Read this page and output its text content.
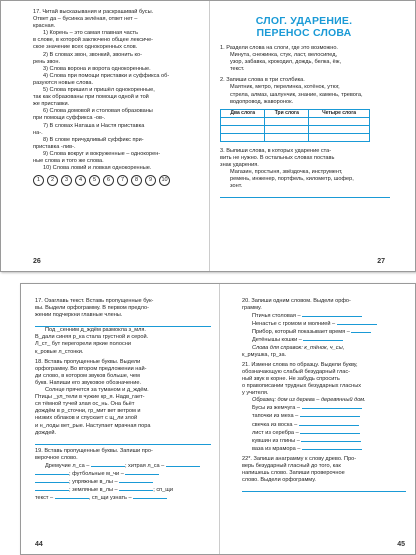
17. Читай высказывания и раскрашивай бусы.

Ответ да – бусинка зелёная, ответ нет –

красная.

1) Корень – это самая главная часть

в слове, в которой заключено общее лексиче-

ское значение всех однокоренных слов.

2) В словах звон, звонкий, звонить ко-

рень звон.

3) Слова ворона и ворота однокоренные.

4) Слова при помощи приставки и суффикса об-

разуются новые слова.

5) Слова пришил и пришёл однокоренные,

так как образованы при помощи одной и той

же приставки.

6) Слова домовой и столовая образованы

при помощи суффикса -ов-.

7) В словах Наташа и Настя приставка

на-.

8) В слове причудливый суффикс при-

приставка -лив-.

9) Слова вокруг и вокруженные – однокорен-

ные слова и того же слова.

10) Слова ловий и ловкая однокоренные.

1	2	3	4	5	6	7	8	9	10
26
СЛОГ. УДАРЕНИЕ.
ПЕРЕНОС СЛОВА

1. Раздели слова на слоги, где это возможно.

Минута, снежинка, стук, ласт, велосипед,

узор, забавка, крокодил, дождь, белка, ёж,

текст.

2. Запиши слова в три столбика.

Маятник, метро, перелинка, котёнок, утюг,

стрела, алмаз, шалунчик, знание, камень, тревога,

водопровод, жаворонок.

Два слога	Три слога	Четыре слога

3. Выпиши слова, в которых ударение ста-

вить не нужно. В остальных словах поставь

знак ударения.

Магазин, простыня, звёздочка, инструмент,

ремень, инженер, портфель, километр, шофер,

зонт.

27

17. Озаглавь текст. Вставь пропущенные бук-

вы. Выдели орфограмму. В первом предло-

жении подчеркни главные члены.

Под _сенним д_ждём размокла з_мля.

В_дали синяя р_ка стала грустной и серой.

Л_ст_ бут перегорели яркие полосни

к_ровые л_стонки.

18. Вставь пропущенные буквы. Выдели

орфограмму. Во втором предложении най-

ди слово, в котором звуков больше, чем

букв. Напиши его звуковое обозначение.

Солнце прячется за туманом и д_ждём.

Птицы _ул_тели в чужие кр_я. Надв_гает-

ся тёмной тучей злая ос_нь. Она бьёт

дождём в р_сточни, гр_мит вет ветром и

низких облаков и спускает с щ_ли злой

и н_лоды вет_рые. Наступает мрачная пора

дождей.

19. Вставь пропущенные буквы. Запиши про-

верочное слово.

Дремучие л_са –	; хитрая л_са –

; футбольные м_чи –

; упряжные в_лы –

; земляные в_лы –	; сп_щи

текст –	, сп_щи узнать –

44

20. Запиши одним словом. Выдели орфо-

грамму.

Птичья столовая –

Ненастье с громом и молнией –

Прибор, который показывает время –

Детёнышы кошки –

Слова для справок: к_тёнок, ч_сы,

к_рмушка, гр_за.

21. Измени слова по образцу. Выдели букву,

обозначающую слабый безударный глас-

ный звук в корне. Не забудь спросить

о правописании трудных безударных гласных

у учителя.

Образец: дом из дерева – деревянный дом.

Бусы из жемчуга –

тапочки из меха –

свечка из воска –

лист из серебра –

кувшин из глины –

ваза из мрамора –

22*. Запиши анаграмму к слову древо. Про-

верь безударный гласный до того, как

напишешь слово. Запиши проверочное

слово. Выдели орфограмму.

45
